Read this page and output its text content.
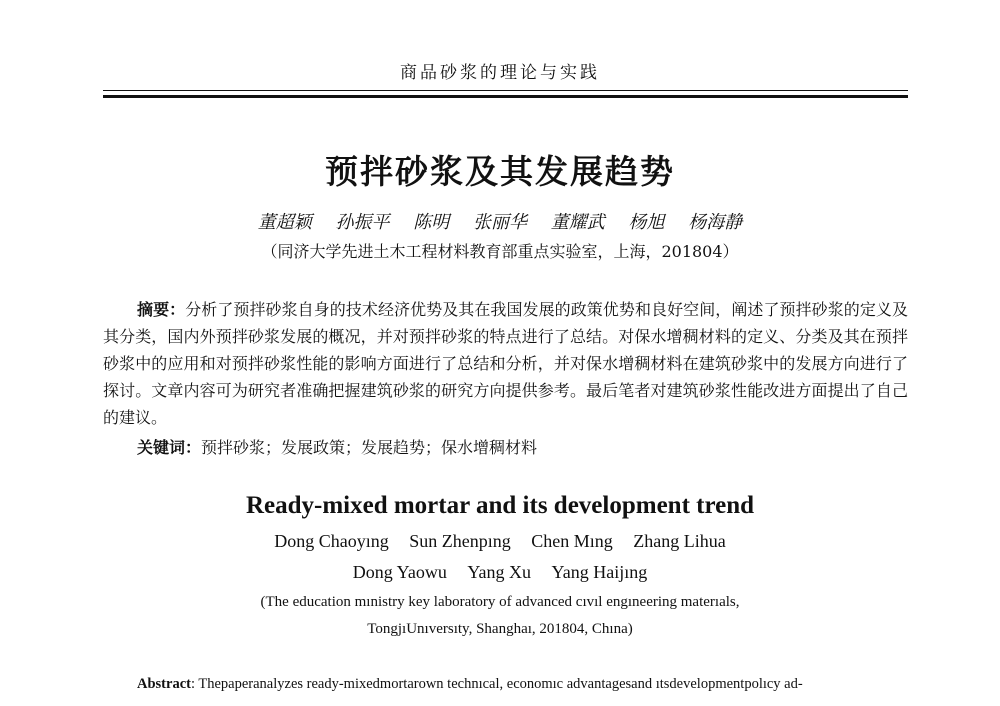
商品砂浆的理论与实践
预拌砂浆及其发展趋势
董超颖 孙振平 陈明 张丽华 董耀武 杨旭 杨海静
（同济大学先进土木工程材料教育部重点实验室，上海，201804）

摘要：分析了预拌砂浆自身的技术经济优势及其在我国发展的政策优势和良好空间，阐述了预拌砂浆的定义及其分类，国内外预拌砂浆发展的概况，并对预拌砂浆的特点进行了总结。对保水增稠材料的定义、分类及其在预拌砂浆中的应用和对预拌砂浆性能的影响方面进行了总结和分析，并对保水增稠材料在建筑砂浆中的发展方向进行了探讨。文章内容可为研究者准确把握建筑砂浆的研究方向提供参考。最后笔者对建筑砂浆性能改进方面提出了自己的建议。

关键词：预拌砂浆；发展政策；发展趋势；保水增稠材料
Ready-mixed mortar and its development trend
Dong Chaoyıng Sun Zhenpıng Chen Mıng Zhang Lihua
Dong Yaowu Yang Xu Yang Haijıng
(The education mınistry key laboratory of advanced cıvıl engıneering materıals,
TongjıUnıversıty, Shanghaı, 201804, Chına)
Abstract: Thepaperanalyzes ready-mixedmortarown technıcal, economıc advantagesand ıtsdevelopmentpolıcy ad-
